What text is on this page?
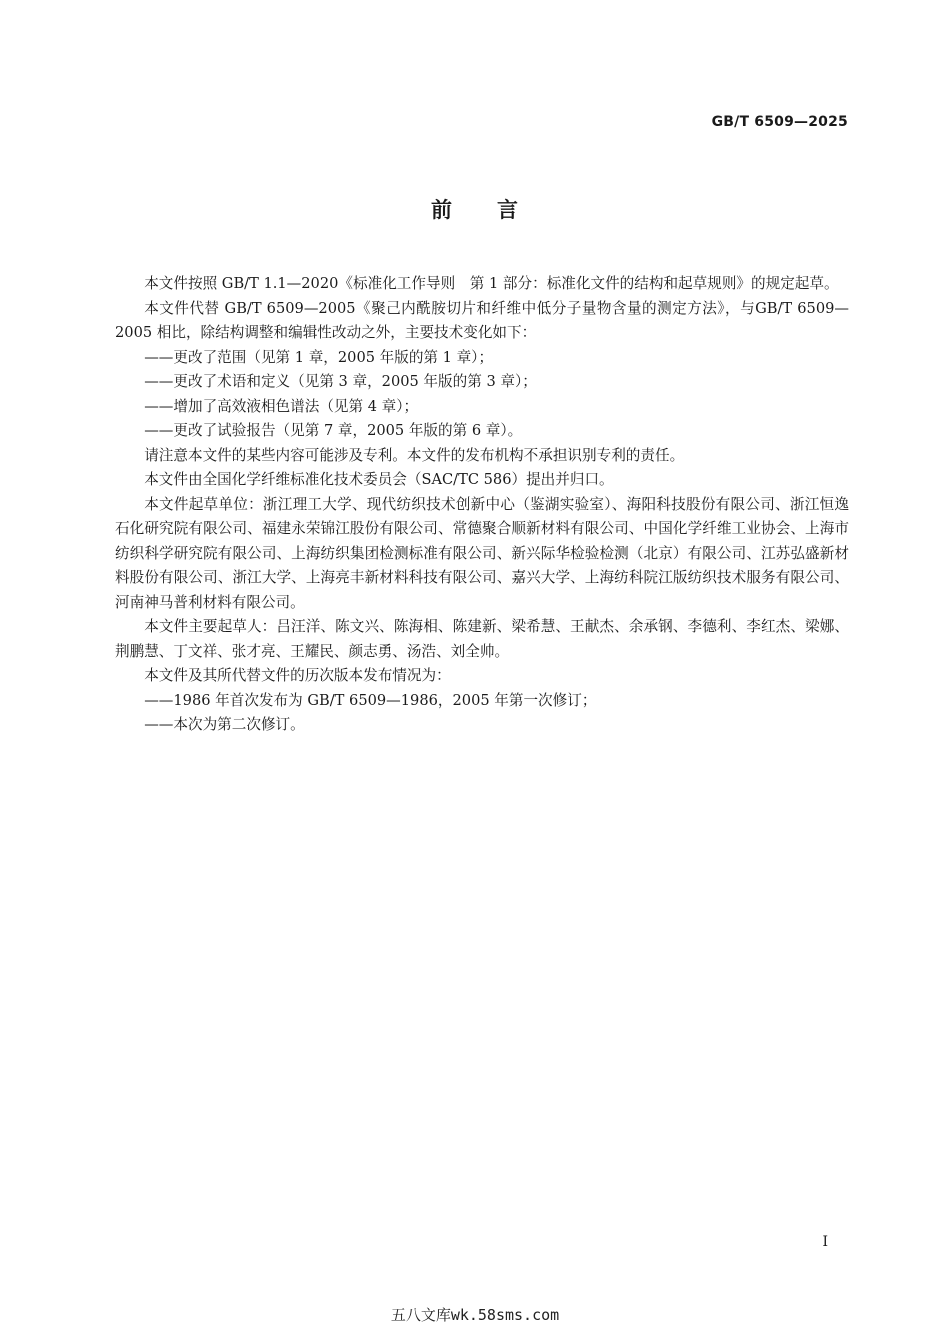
GB/T 6509—2025
前 言

本文件按照 GB/T 1.1—2020《标准化工作导则　第 1 部分：标准化文件的结构和起草规则》的规定起草。

本文件代替 GB/T 6509—2005《聚己内酰胺切片和纤维中低分子量物含量的测定方法》，与GB/T 6509—2005 相比，除结构调整和编辑性改动之外，主要技术变化如下：

——更改了范围（见第 1 章，2005 年版的第 1 章）；

——更改了术语和定义（见第 3 章，2005 年版的第 3 章）；

——增加了高效液相色谱法（见第 4 章）；

——更改了试验报告（见第 7 章，2005 年版的第 6 章）。

请注意本文件的某些内容可能涉及专利。本文件的发布机构不承担识别专利的责任。

本文件由全国化学纤维标准化技术委员会（SAC/TC 586）提出并归口。

本文件起草单位：浙江理工大学、现代纺织技术创新中心（鉴湖实验室）、海阳科技股份有限公司、浙江恒逸石化研究院有限公司、福建永荣锦江股份有限公司、常德聚合顺新材料有限公司、中国化学纤维工业协会、上海市纺织科学研究院有限公司、上海纺织集团检测标准有限公司、新兴际华检验检测（北京）有限公司、江苏弘盛新材料股份有限公司、浙江大学、上海亮丰新材料科技有限公司、嘉兴大学、上海纺科院江版纺织技术服务有限公司、河南神马普利材料有限公司。

本文件主要起草人：吕汪洋、陈文兴、陈海相、陈建新、梁希慧、王献杰、余承钢、李德利、李红杰、梁娜、荆鹏慧、丁文祥、张才亮、王耀民、颜志勇、汤浩、刘全帅。

本文件及其所代替文件的历次版本发布情况为：

——1986 年首次发布为 GB/T 6509—1986，2005 年第一次修订；

——本次为第二次修订。

I
五八文库wk.58sms.com
